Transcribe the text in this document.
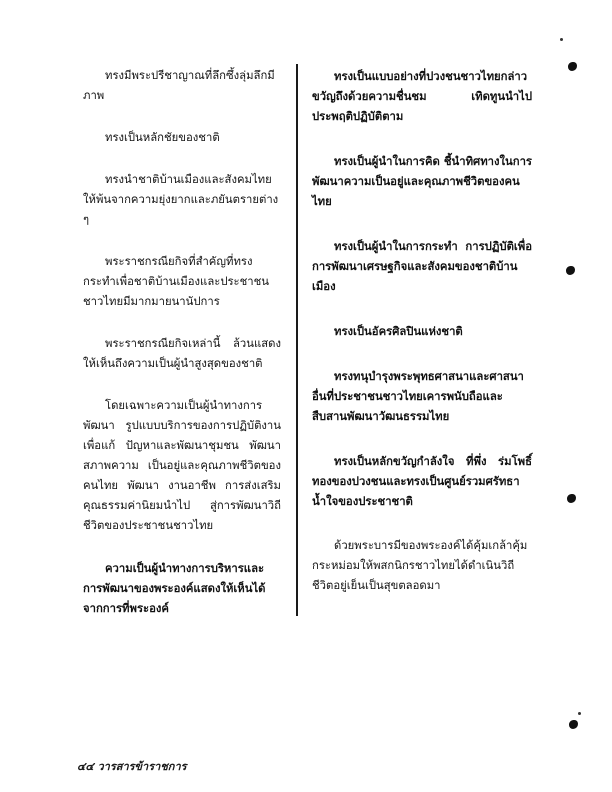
ทรงมีพระปรีชาญาณที่ลึกซึ้งลุ่มลึกมีภาพ

ทรงเป็นหลักชัยของชาติ

ทรงนำชาติบ้านเมืองและสังคมไทยให้พ้นจากความยุ่งยากและภยันตรายต่าง ๆ

พระราชกรณียกิจที่สำคัญที่ทรงกระทำเพื่อชาติบ้านเมืองและประชาชนชาวไทยมีมากมายนานัปการ

พระราชกรณียกิจเหล่านี้ ล้วนแสดงให้เห็นถึงความเป็นผู้นำสูงสุดของชาติ

โดยเฉพาะความเป็นผู้นำทางการพัฒนา รูปแบบบริการของการปฏิบัติงานเพื่อแก้ ปัญหาและพัฒนาชุมชน พัฒนาสภาพความ เป็นอยู่และคุณภาพชีวิตของคนไทย พัฒนา งานอาชีพ การส่งเสริมคุณธรรมค่านิยมนำไป สู่การพัฒนาวิถีชีวิตของประชาชนชาวไทย

ความเป็นผู้นำทางการบริหารและการพัฒนาของพระองค์แสดงให้เห็นได้จากการที่พระองค์

ทรงเป็นแบบอย่างที่ปวงชนชาวไทยกล่าวขวัญถึงด้วยความชื่นชม เทิดทูนนำไปประพฤติปฏิบัติตาม

ทรงเป็นผู้นำในการคิด ชี้นำทิศทางในการพัฒนาความเป็นอยู่และคุณภาพชีวิตของคนไทย

ทรงเป็นผู้นำในการกระทำ การปฏิบัติเพื่อการพัฒนาเศรษฐกิจและสังคมของชาติบ้านเมือง

ทรงเป็นอัครศิลปินแห่งชาติ

ทรงทนุบำรุงพระพุทธศาสนาและศาสนาอื่นที่ประชาชนชาวไทยเคารพนับถือและสืบสานพัฒนาวัฒนธรรมไทย

ทรงเป็นหลักขวัญกำลังใจ ที่พึ่ง ร่มโพธิ์ทองของปวงชนและทรงเป็นศูนย์รวมศรัทธาน้ำใจของประชาชาติ

ด้วยพระบารมีของพระองค์ได้คุ้มเกล้าคุ้มกระหม่อมให้พสกนิกรชาวไทยได้ดำเนินวิถีชีวิตอยู่เย็นเป็นสุขตลอดมา

๔๔ วารสารข้าราชการ
